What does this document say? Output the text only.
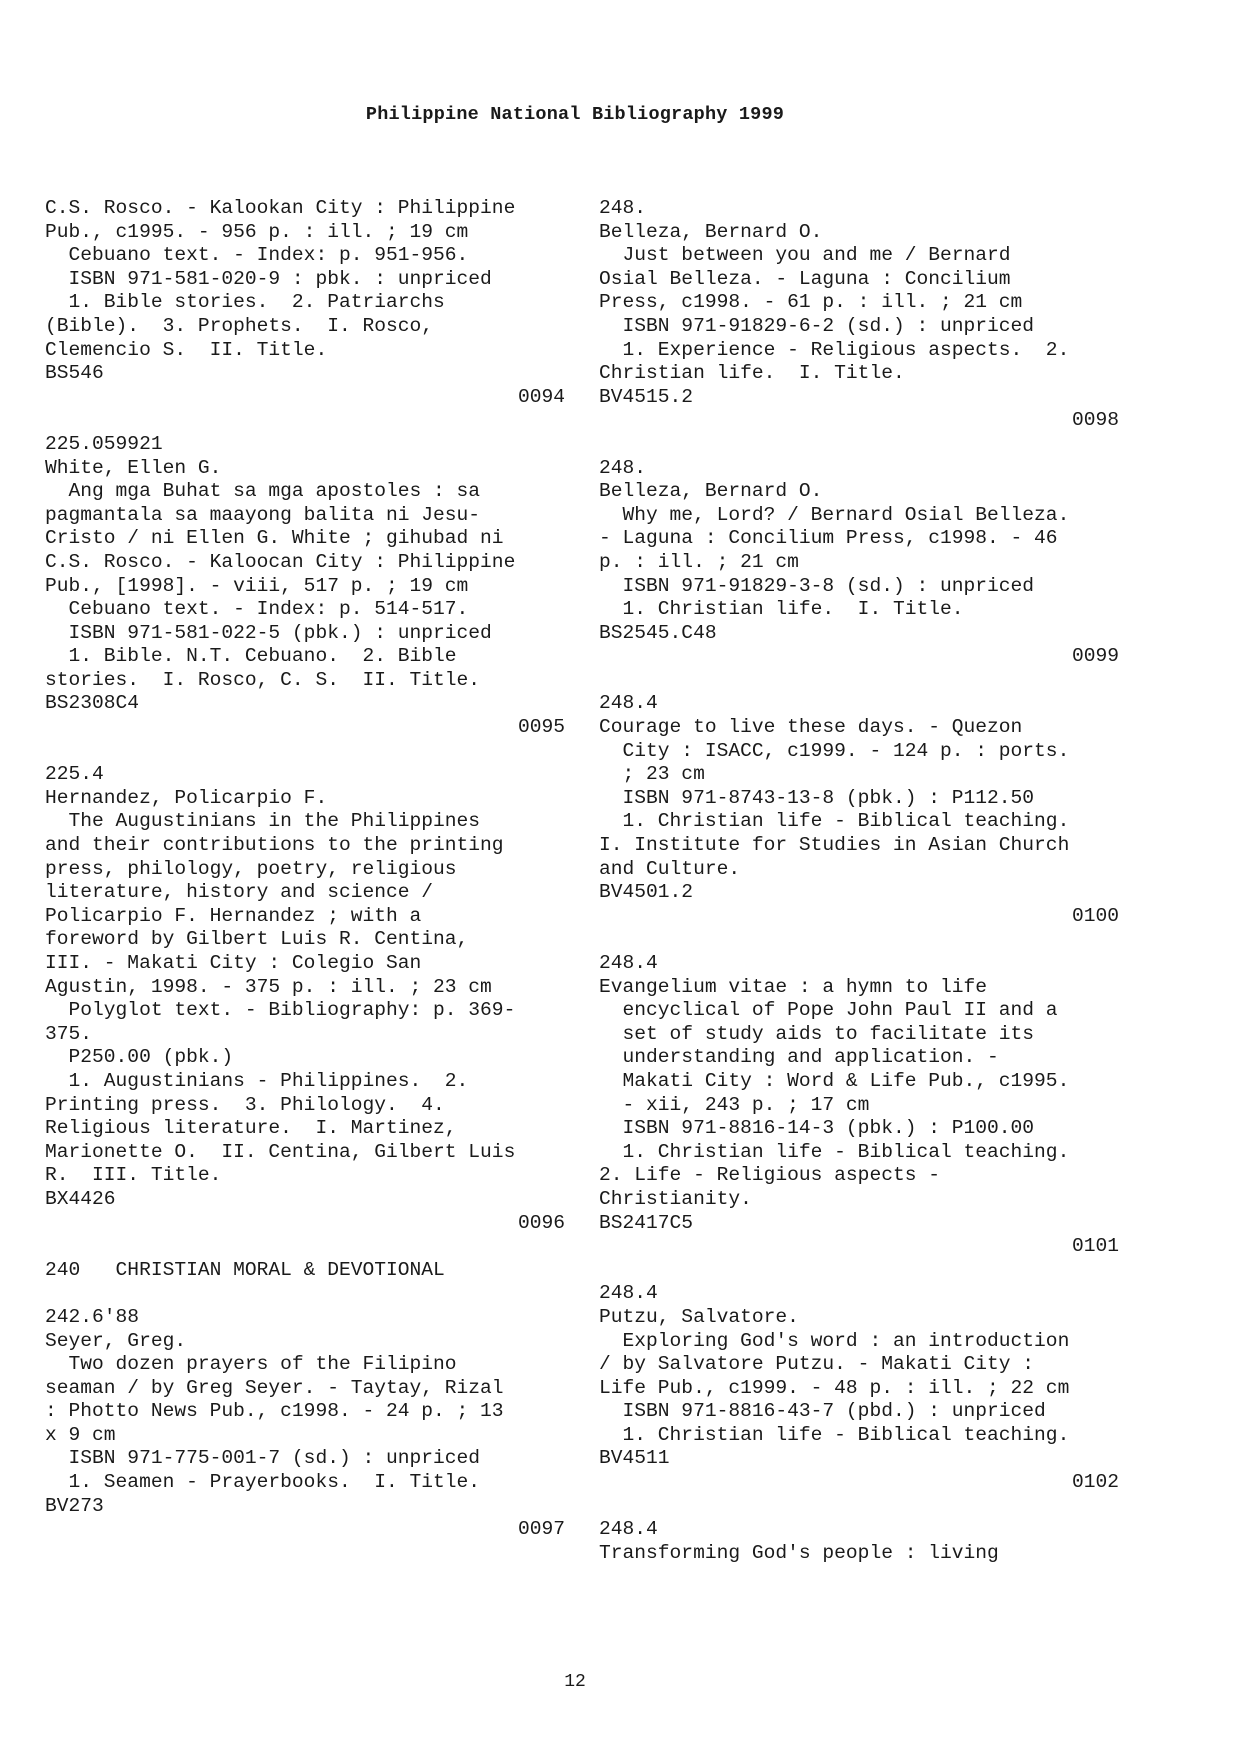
Philippine National Bibliography 1999
C.S. Rosco. - Kalookan City : Philippine
Pub., c1995. - 956 p. : ill. ; 19 cm
Cebuano text. - Index: p. 951-956.
ISBN 971-581-020-9 : pbk. : unpriced
1. Bible stories.  2. Patriarchs
(Bible).  3. Prophets.  I. Rosco,
Clemencio S.  II. Title.
BS546
0094
225.059921
White, Ellen G.
Ang mga Buhat sa mga apostoles : sa
pagmantala sa maayong balita ni Jesu-
Cristo / ni Ellen G. White ; gihubad ni
C.S. Rosco. - Kaloocan City : Philippine
Pub., [1998]. - viii, 517 p. ; 19 cm
Cebuano text. - Index: p. 514-517.
ISBN 971-581-022-5 (pbk.) : unpriced
1. Bible. N.T. Cebuano.  2. Bible
stories.  I. Rosco, C. S.  II. Title.
BS2308C4
0095
225.4
Hernandez, Policarpio F.
The Augustinians in the Philippines
and their contributions to the printing
press, philology, poetry, religious
literature, history and science /
Policarpio F. Hernandez ; with a
foreword by Gilbert Luis R. Centina,
III. - Makati City : Colegio San
Agustin, 1998. - 375 p. : ill. ; 23 cm
Polyglot text. - Bibliography: p. 369-
375.
P250.00 (pbk.)
1. Augustinians - Philippines.  2.
Printing press.  3. Philology.  4.
Religious literature.  I. Martinez,
Marionette O.  II. Centina, Gilbert Luis
R.  III. Title.
BX4426
0096
240   CHRISTIAN MORAL & DEVOTIONAL
242.6'88
Seyer, Greg.
Two dozen prayers of the Filipino
seaman / by Greg Seyer. - Taytay, Rizal
: Photto News Pub., c1998. - 24 p. ; 13
x 9 cm
ISBN 971-775-001-7 (sd.) : unpriced
1. Seamen - Prayerbooks.  I. Title.
BV273
0097
248.
Belleza, Bernard O.
Just between you and me / Bernard
Osial Belleza. - Laguna : Concilium
Press, c1998. - 61 p. : ill. ; 21 cm
ISBN 971-91829-6-2 (sd.) : unpriced
1. Experience - Religious aspects.  2.
Christian life.  I. Title.
BV4515.2
0098
248.
Belleza, Bernard O.
Why me, Lord? / Bernard Osial Belleza.
- Laguna : Concilium Press, c1998. - 46
p. : ill. ; 21 cm
ISBN 971-91829-3-8 (sd.) : unpriced
1. Christian life.  I. Title.
BS2545.C48
0099
248.4
Courage to live these days. - Quezon
City : ISACC, c1999. - 124 p. : ports.
; 23 cm
ISBN 971-8743-13-8 (pbk.) : P112.50
1. Christian life - Biblical teaching.
I. Institute for Studies in Asian Church
and Culture.
BV4501.2
0100
248.4
Evangelium vitae : a hymn to life
encyclical of Pope John Paul II and a
set of study aids to facilitate its
understanding and application. -
Makati City : Word & Life Pub., c1995.
- xii, 243 p. ; 17 cm
ISBN 971-8816-14-3 (pbk.) : P100.00
1. Christian life - Biblical teaching.
2. Life - Religious aspects -
Christianity.
BS2417C5
0101
248.4
Putzu, Salvatore.
Exploring God's word : an introduction
/ by Salvatore Putzu. - Makati City :
Life Pub., c1999. - 48 p. : ill. ; 22 cm
ISBN 971-8816-43-7 (pbd.) : unpriced
1. Christian life - Biblical teaching.
BV4511
0102
248.4
Transforming God's people : living
12
